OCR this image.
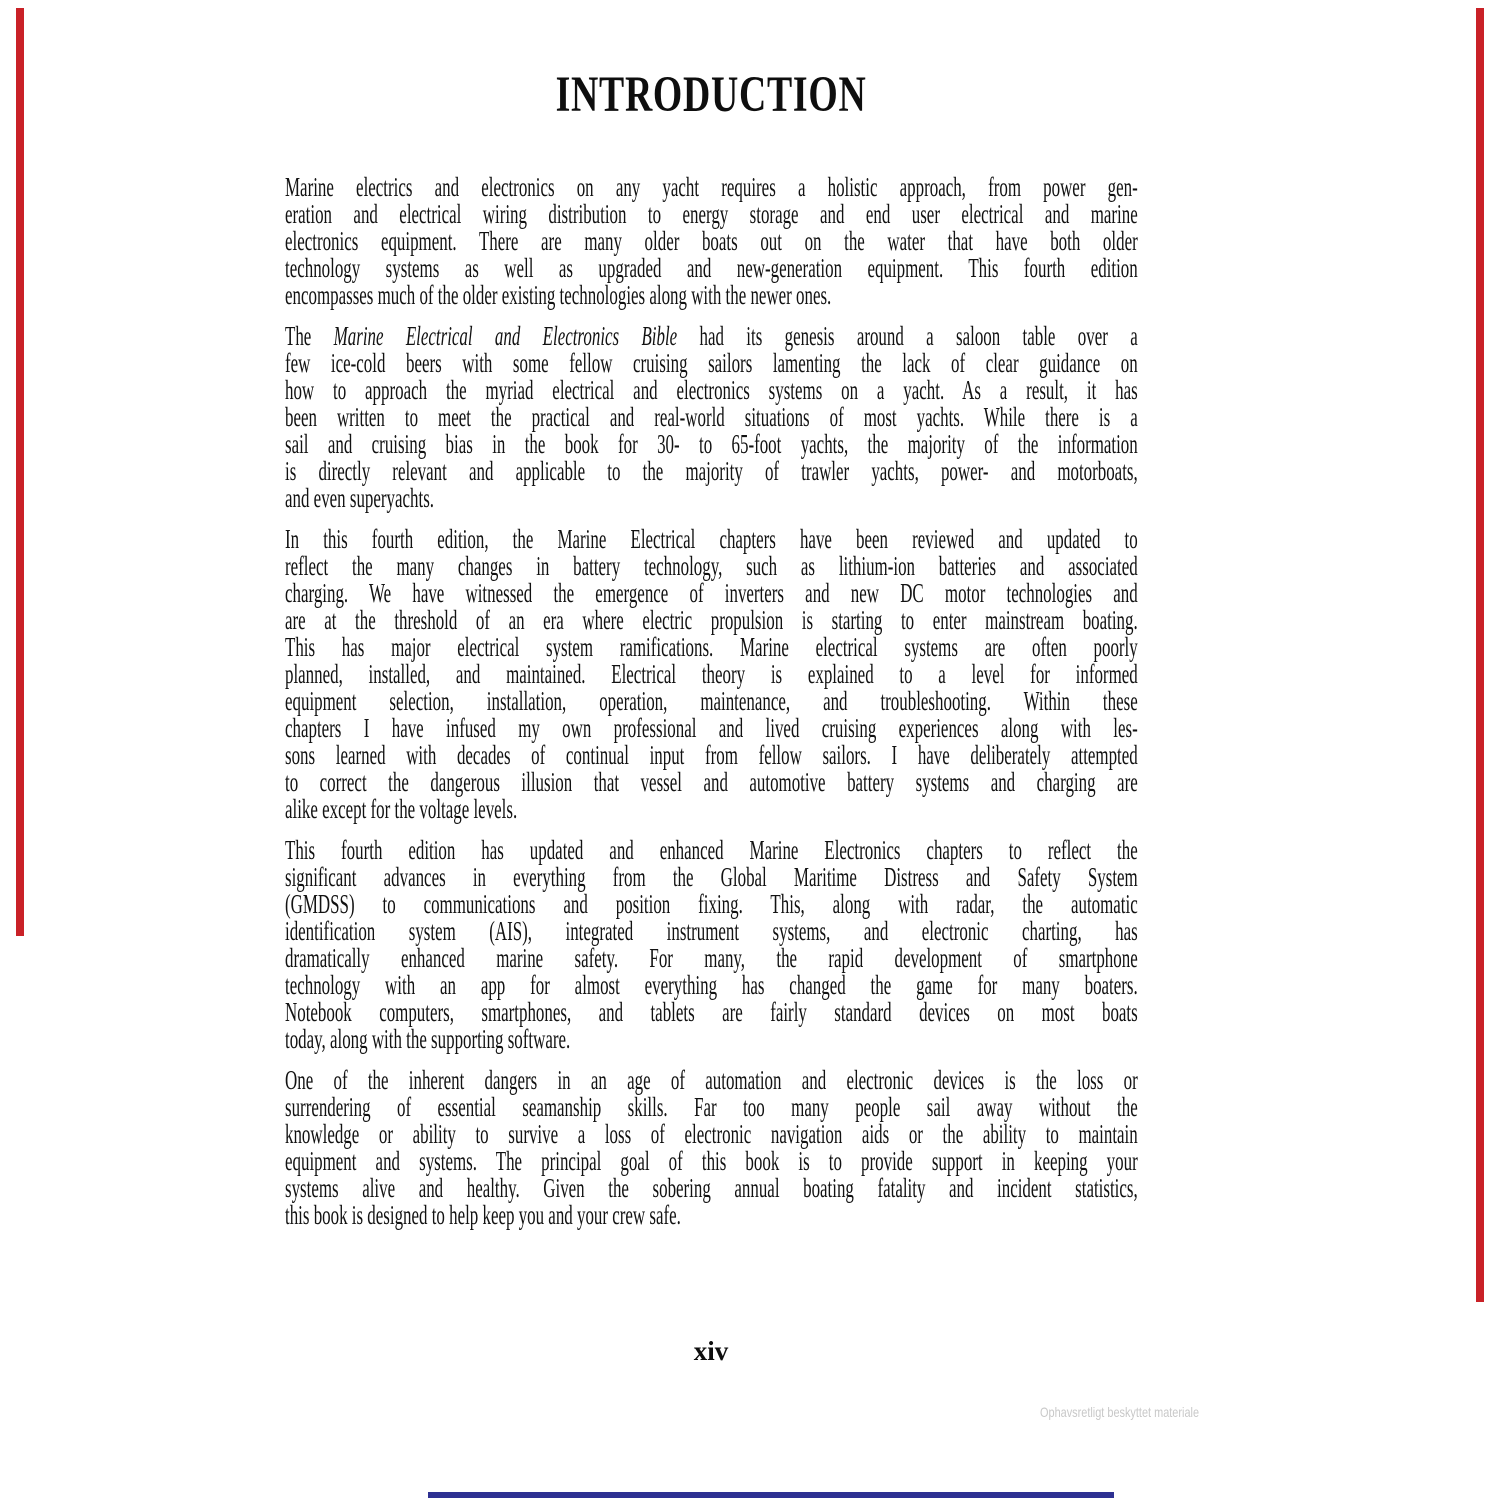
INTRODUCTION
Marine electrics and electronics on any yacht requires a holistic approach, from power gen-
eration and electrical wiring distribution to energy storage and end user electrical and marine
electronics equipment. There are many older boats out on the water that have both older
technology systems as well as upgraded and new-generation equipment. This fourth edition
encompasses much of the older existing technologies along with the newer ones.
The Marine Electrical and Electronics Bible had its genesis around a saloon table over a
few ice-cold beers with some fellow cruising sailors lamenting the lack of clear guidance on
how to approach the myriad electrical and electronics systems on a yacht. As a result, it has
been written to meet the practical and real-world situations of most yachts. While there is a
sail and cruising bias in the book for 30- to 65-foot yachts, the majority of the information
is directly relevant and applicable to the majority of trawler yachts, power- and motorboats,
and even superyachts.
In this fourth edition, the Marine Electrical chapters have been reviewed and updated to
reflect the many changes in battery technology, such as lithium-ion batteries and associated
charging. We have witnessed the emergence of inverters and new DC motor technologies and
are at the threshold of an era where electric propulsion is starting to enter mainstream boating.
This has major electrical system ramifications. Marine electrical systems are often poorly
planned, installed, and maintained. Electrical theory is explained to a level for informed
equipment selection, installation, operation, maintenance, and troubleshooting. Within these
chapters I have infused my own professional and lived cruising experiences along with les-
sons learned with decades of continual input from fellow sailors. I have deliberately attempted
to correct the dangerous illusion that vessel and automotive battery systems and charging are
alike except for the voltage levels.
This fourth edition has updated and enhanced Marine Electronics chapters to reflect the
significant advances in everything from the Global Maritime Distress and Safety System
(GMDSS) to communications and position fixing. This, along with radar, the automatic
identification system (AIS), integrated instrument systems, and electronic charting, has
dramatically enhanced marine safety. For many, the rapid development of smartphone
technology with an app for almost everything has changed the game for many boaters.
Notebook computers, smartphones, and tablets are fairly standard devices on most boats
today, along with the supporting software.
One of the inherent dangers in an age of automation and electronic devices is the loss or
surrendering of essential seamanship skills. Far too many people sail away without the
knowledge or ability to survive a loss of electronic navigation aids or the ability to maintain
equipment and systems. The principal goal of this book is to provide support in keeping your
systems alive and healthy. Given the sobering annual boating fatality and incident statistics,
this book is designed to help keep you and your crew safe.
xiv
Ophavsretligt beskyttet materiale
